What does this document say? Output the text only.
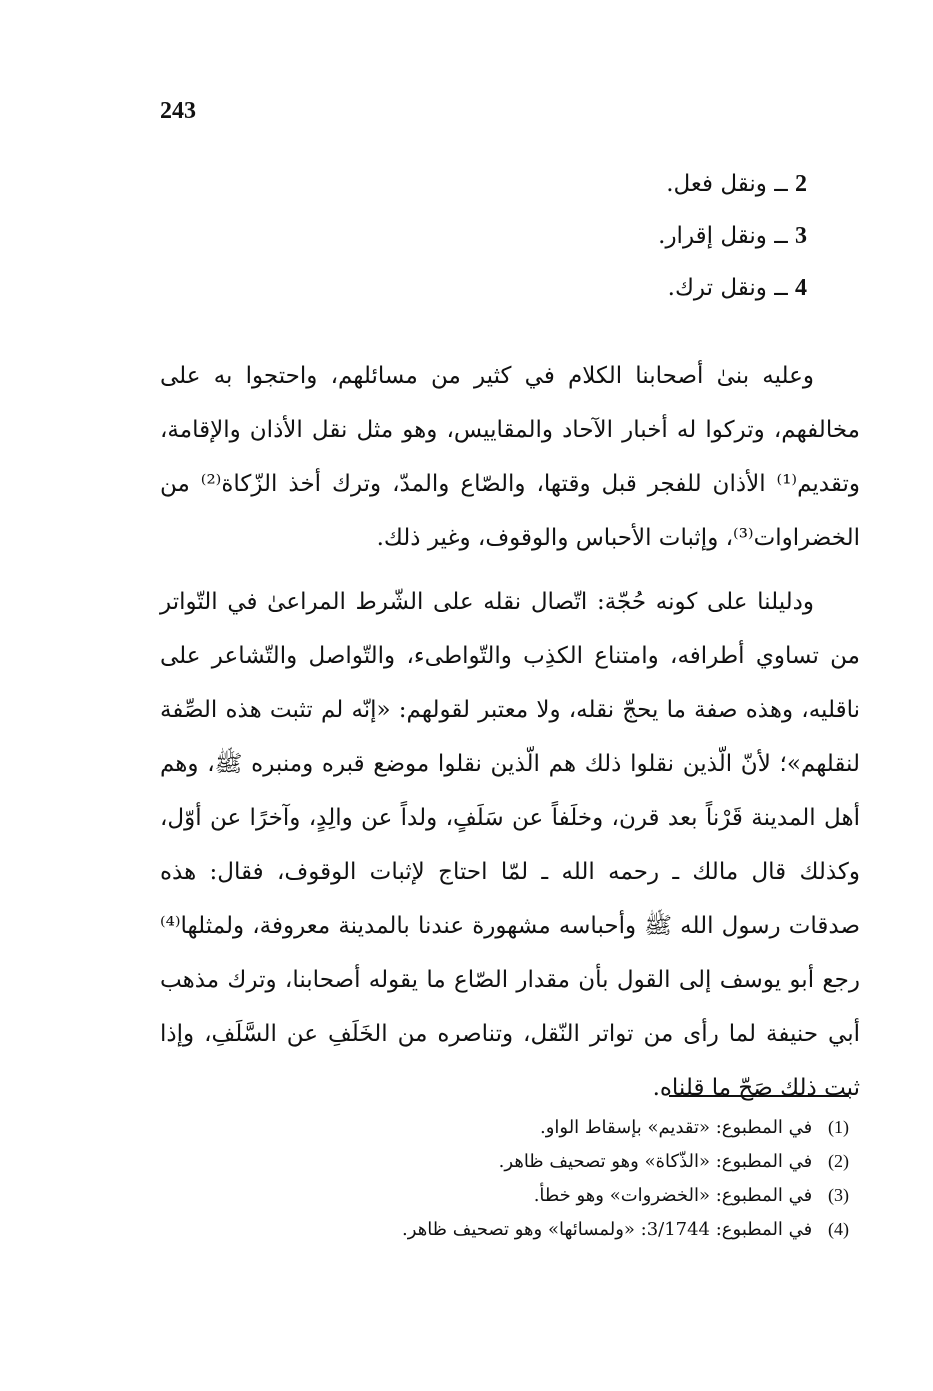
243
2 ــ ونقل فعل.
3 ــ ونقل إقرار.
4 ــ ونقل ترك.

وعليه بنىٰ أصحابنا الكلام في كثير من مسائلهم، واحتجوا به على مخالفهم، وتركوا له أخبار الآحاد والمقاييس، وهو مثل نقل الأذان والإقامة، وتقديم⁽¹⁾ الأذان للفجر قبل وقتها، والصّاع والمدّ، وترك أخذ الزّكاة⁽²⁾ من الخضراوات⁽³⁾، وإثبات الأحباس والوقوف، وغير ذلك.

ودليلنا على كونه حُجّة: اتّصال نقله على الشّرط المراعىٰ في التّواتر من تساوي أطرافه، وامتناع الكذِب والتّواطىء، والتّواصل والتّشاعر على ناقليه، وهذه صفة ما يحجّ نقله، ولا معتبر لقولهم: «إنّه لم تثبت هذه الصِّفة لنقلهم»؛ لأنّ الّذين نقلوا ذلك هم الّذين نقلوا موضع قبره ومنبره ﷺ، وهم أهل المدينة قَرْناً بعد قرن، وخلَفاً عن سَلَفٍ، ولداً عن والِدٍ، وآخرًا عن أوّل، وكذلك قال مالك ـ رحمه الله ـ لمّا احتاج لإثبات الوقوف، فقال: هذه صدقات رسول الله ﷺ وأحباسه مشهورة عندنا بالمدينة معروفة، ولمثلها⁽⁴⁾ رجع أبو يوسف إلى القول بأن مقدار الصّاع ما يقوله أصحابنا، وترك مذهب أبي حنيفة لما رأى من تواتر النّقل، وتناصره من الخَلَفِ عن السَّلَفِ، وإذا ثبت ذلك صَحّ ما قلناه.

(1) في المطبوع: «تقديم» بإسقاط الواو.
(2) في المطبوع: «الذّكاة» وهو تصحيف ظاهر.
(3) في المطبوع: «الخضروات» وهو خطأ.
(4) في المطبوع: 3/1744: «ولمسائها» وهو تصحيف ظاهر.
